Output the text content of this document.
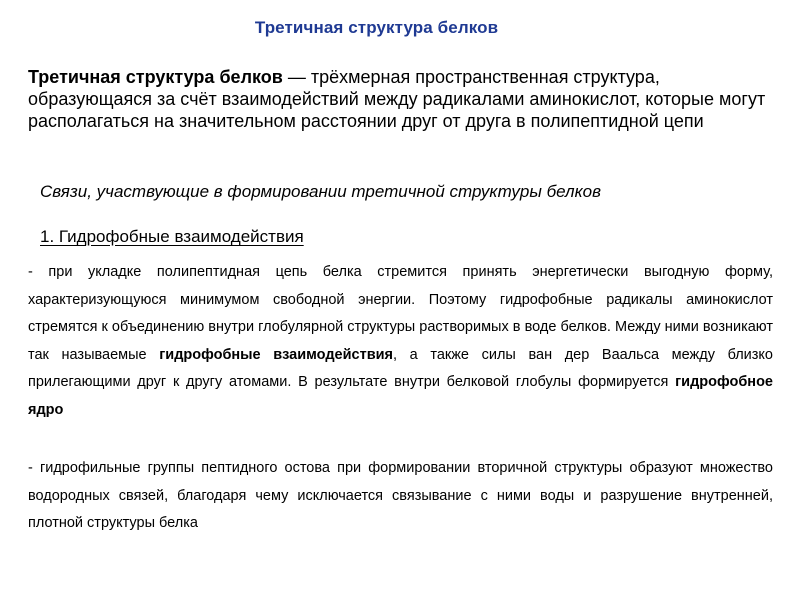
Третичная структура белков
Третичная структура белков — трёхмерная пространственная структура, образующаяся за счёт взаимодействий между радикалами аминокислот, которые могут располагаться на значительном расстоянии друг от друга в полипептидной цепи
Связи, участвующие в формировании третичной структуры белков
1. Гидрофобные взаимодействия
- при укладке полипептидная цепь белка стремится принять энергетически выгодную форму, характеризующуюся минимумом свободной энергии. Поэтому гидрофобные радикалы аминокислот стремятся к объединению внутри глобулярной структуры растворимых в воде белков. Между ними возникают так называемые гидрофобные взаимодействия, а также силы ван дер Ваальса между близко прилегающими друг к другу атомами. В результате внутри белковой глобулы формируется гидрофобное ядро
- гидрофильные группы пептидного остова при формировании вторичной структуры образуют множество водородных связей, благодаря чему исключается связывание с ними воды и разрушение внутренней, плотной структуры белка
